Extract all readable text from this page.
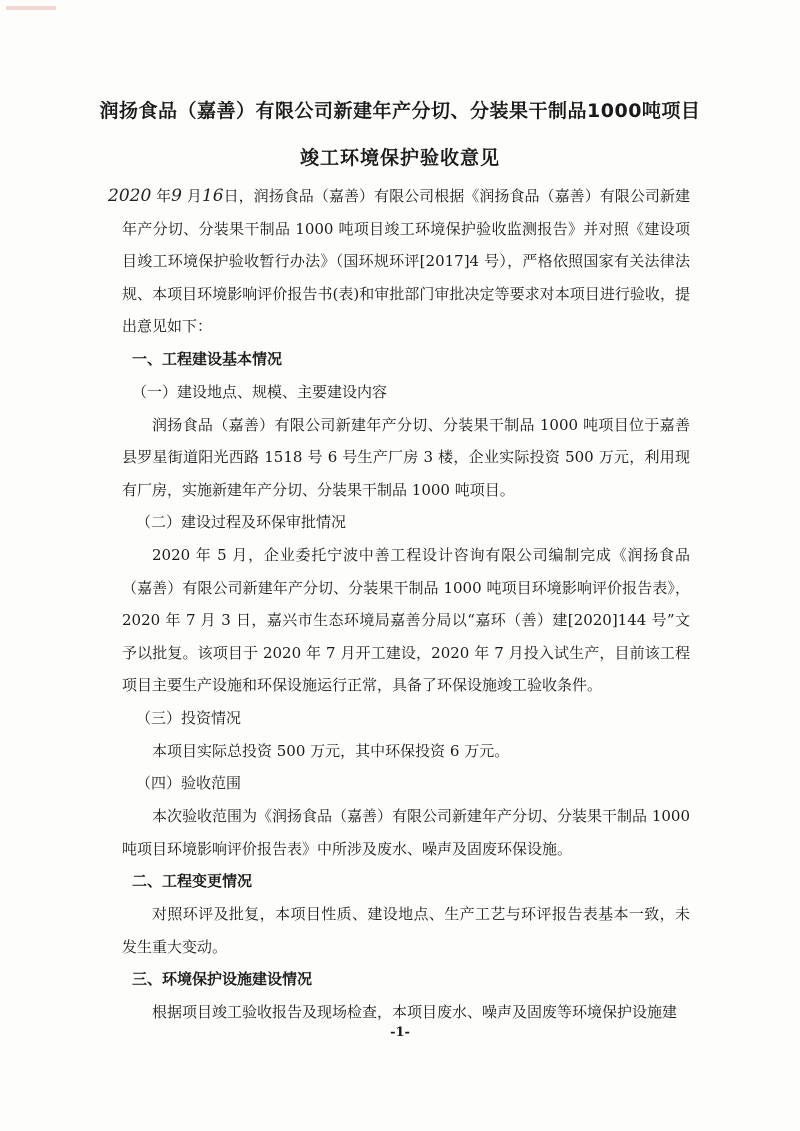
润扬食品（嘉善）有限公司新建年产分切、分装果干制品1000吨项目
竣工环境保护验收意见

2020 年9 月16日，润扬食品（嘉善）有限公司根据《润扬食品（嘉善）有限公司新建年产分切、分装果干制品 1000 吨项目竣工环境保护验收监测报告》并对照《建设项目竣工环境保护验收暂行办法》（国环规环评[2017]4 号），严格依照国家有关法律法规、本项目环境影响评价报告书(表)和审批部门审批决定等要求对本项目进行验收，提出意见如下：

一、工程建设基本情况

（一）建设地点、规模、主要建设内容

润扬食品（嘉善）有限公司新建年产分切、分装果干制品 1000 吨项目位于嘉善县罗星街道阳光西路 1518 号 6 号生产厂房 3 楼，企业实际投资 500 万元，利用现有厂房，实施新建年产分切、分装果干制品 1000 吨项目。

（二）建设过程及环保审批情况

2020 年 5 月，企业委托宁波中善工程设计咨询有限公司编制完成《润扬食品（嘉善）有限公司新建年产分切、分装果干制品 1000 吨项目环境影响评价报告表》，2020 年 7 月 3 日，嘉兴市生态环境局嘉善分局以“嘉环（善）建[2020]144 号”文予以批复。该项目于 2020 年 7 月开工建设，2020 年 7 月投入试生产，目前该工程项目主要生产设施和环保设施运行正常，具备了环保设施竣工验收条件。

（三）投资情况

本项目实际总投资 500 万元，其中环保投资 6 万元。

（四）验收范围

本次验收范围为《润扬食品（嘉善）有限公司新建年产分切、分装果干制品 1000 吨项目环境影响评价报告表》中所涉及废水、噪声及固废环保设施。

二、工程变更情况

对照环评及批复，本项目性质、建设地点、生产工艺与环评报告表基本一致，未发生重大变动。

三、环境保护设施建设情况

根据项目竣工验收报告及现场检查，本项目废水、噪声及固废等环境保护设施建

-1-
